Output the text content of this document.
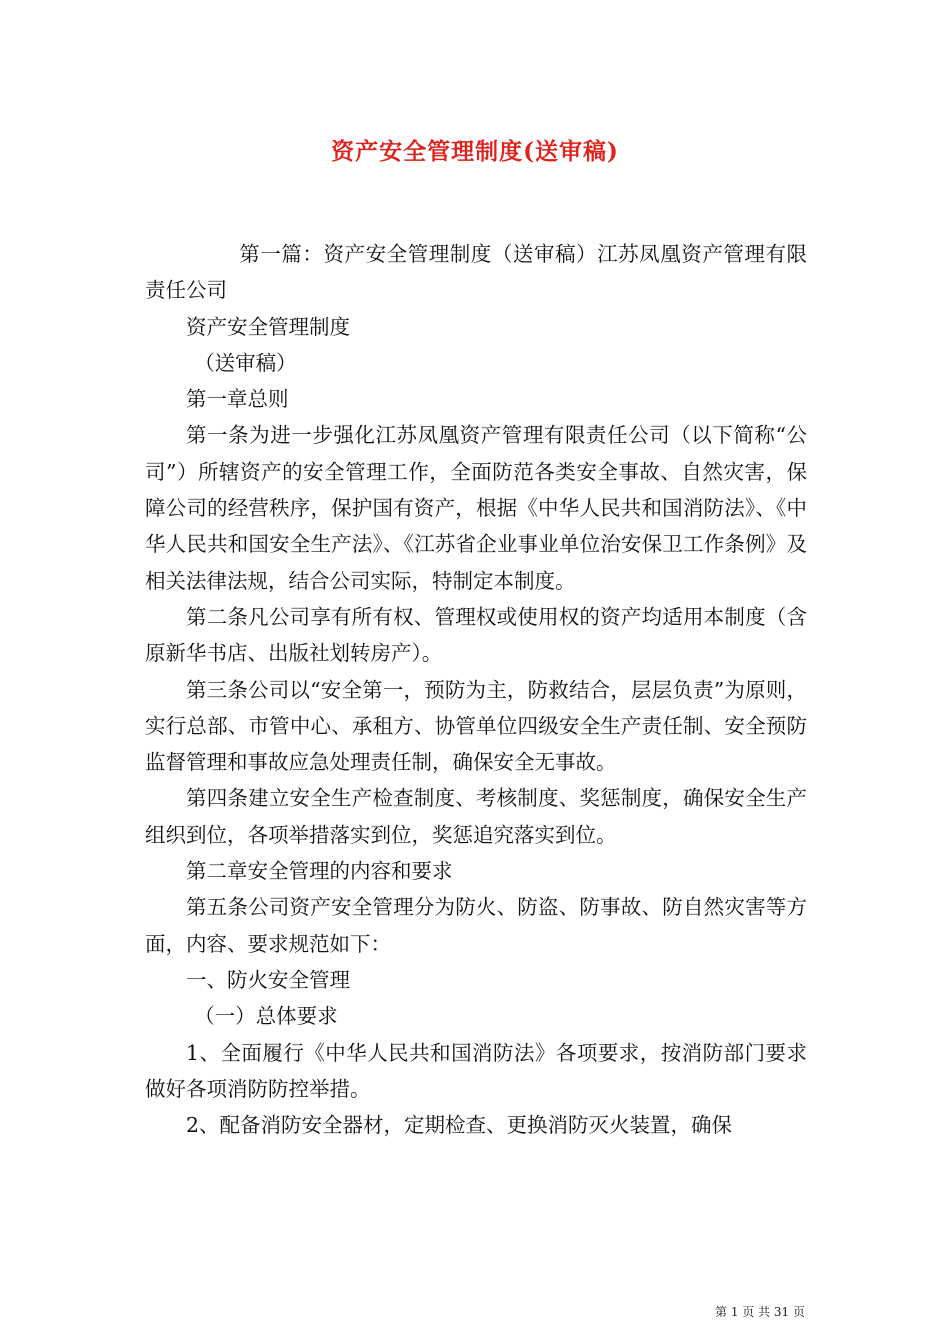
资产安全管理制度(送审稿)

第一篇：资产安全管理制度（送审稿）江苏凤凰资产管理有限责任公司

资产安全管理制度

（送审稿）

第一章总则

第一条为进一步强化江苏凤凰资产管理有限责任公司（以下简称“公司”）所辖资产的安全管理工作，全面防范各类安全事故、自然灾害，保障公司的经营秩序，保护国有资产，根据《中华人民共和国消防法》、《中华人民共和国安全生产法》、《江苏省企业事业单位治安保卫工作条例》及相关法律法规，结合公司实际，特制定本制度。

第二条凡公司享有所有权、管理权或使用权的资产均适用本制度（含原新华书店、出版社划转房产）。

第三条公司以“安全第一，预防为主，防救结合，层层负责”为原则，实行总部、市管中心、承租方、协管单位四级安全生产责任制、安全预防监督管理和事故应急处理责任制，确保安全无事故。

第四条建立安全生产检查制度、考核制度、奖惩制度，确保安全生产组织到位，各项举措落实到位，奖惩追究落实到位。

第二章安全管理的内容和要求

第五条公司资产安全管理分为防火、防盗、防事故、防自然灾害等方面，内容、要求规范如下：

一、防火安全管理

（一）总体要求

1、全面履行《中华人民共和国消防法》各项要求，按消防部门要求做好各项消防防控举措。

2、配备消防安全器材，定期检查、更换消防灭火装置，确保

第 1 页 共 31 页
